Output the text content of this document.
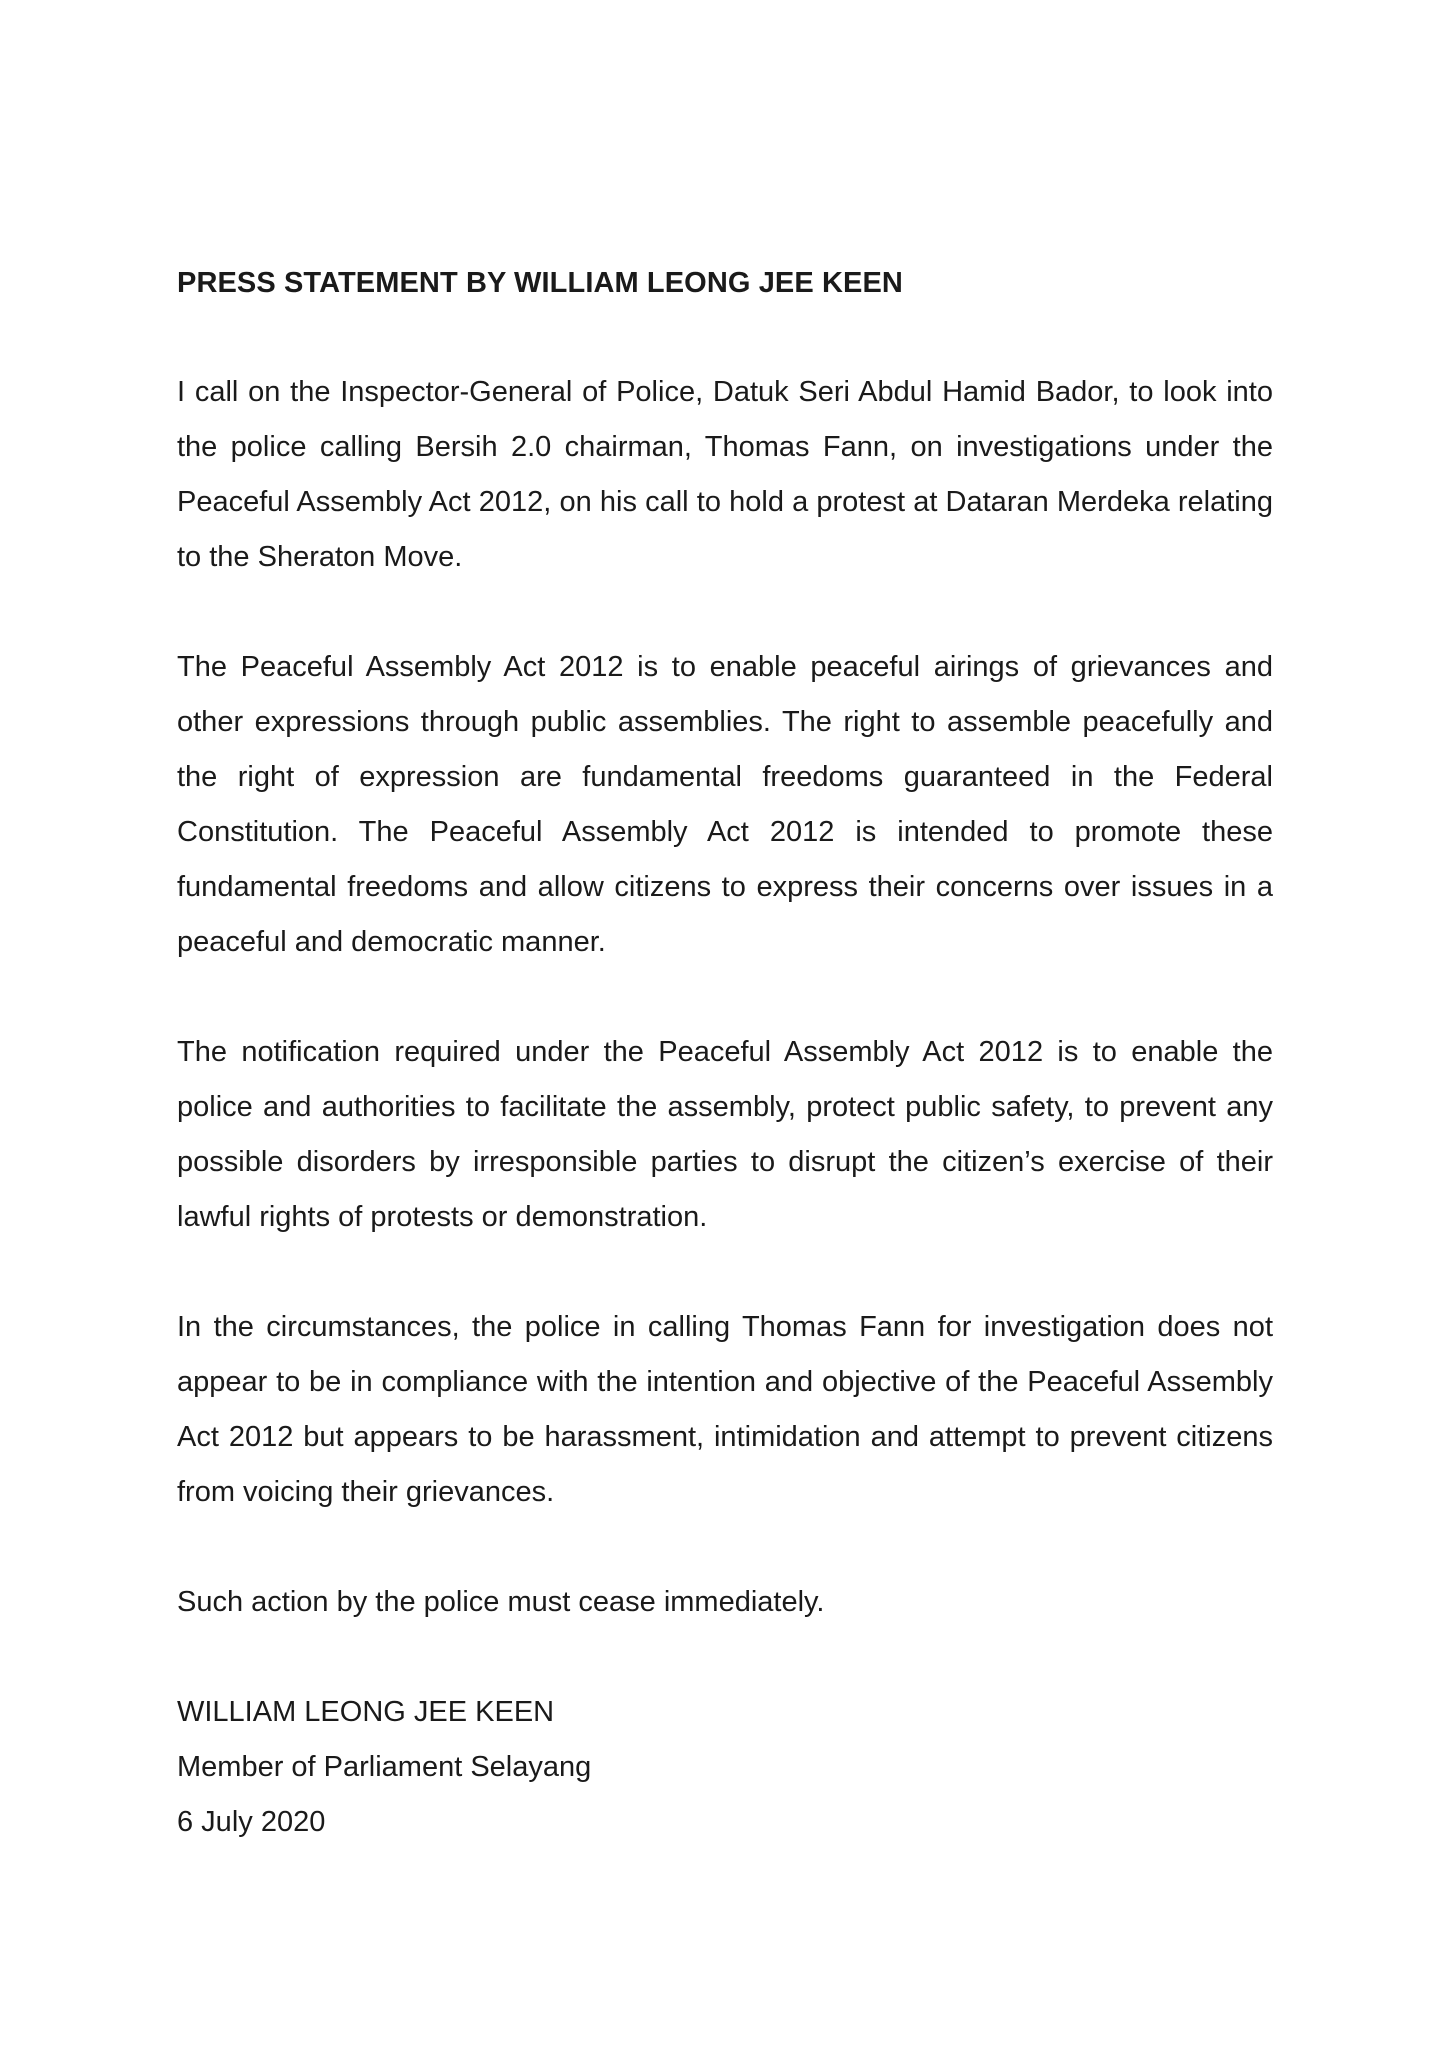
PRESS STATEMENT BY WILLIAM LEONG JEE KEEN

I call on the Inspector-General of Police, Datuk Seri Abdul Hamid Bador, to look into the police calling Bersih 2.0 chairman, Thomas Fann, on investigations under the Peaceful Assembly Act 2012, on his call to hold a protest at Dataran Merdeka relating to the Sheraton Move.

The Peaceful Assembly Act 2012 is to enable peaceful airings of grievances and other expressions through public assemblies. The right to assemble peacefully and the right of expression are fundamental freedoms guaranteed in the Federal Constitution. The Peaceful Assembly Act 2012 is intended to promote these fundamental freedoms and allow citizens to express their concerns over issues in a peaceful and democratic manner.

The notification required under the Peaceful Assembly Act 2012 is to enable the police and authorities to facilitate the assembly, protect public safety, to prevent any possible disorders by irresponsible parties to disrupt the citizen’s exercise of their lawful rights of protests or demonstration.

In the circumstances, the police in calling Thomas Fann for investigation does not appear to be in compliance with the intention and objective of the Peaceful Assembly Act 2012 but appears to be harassment, intimidation and attempt to prevent citizens from voicing their grievances.

Such action by the police must cease immediately.

WILLIAM LEONG JEE KEEN

Member of Parliament Selayang

6 July 2020
